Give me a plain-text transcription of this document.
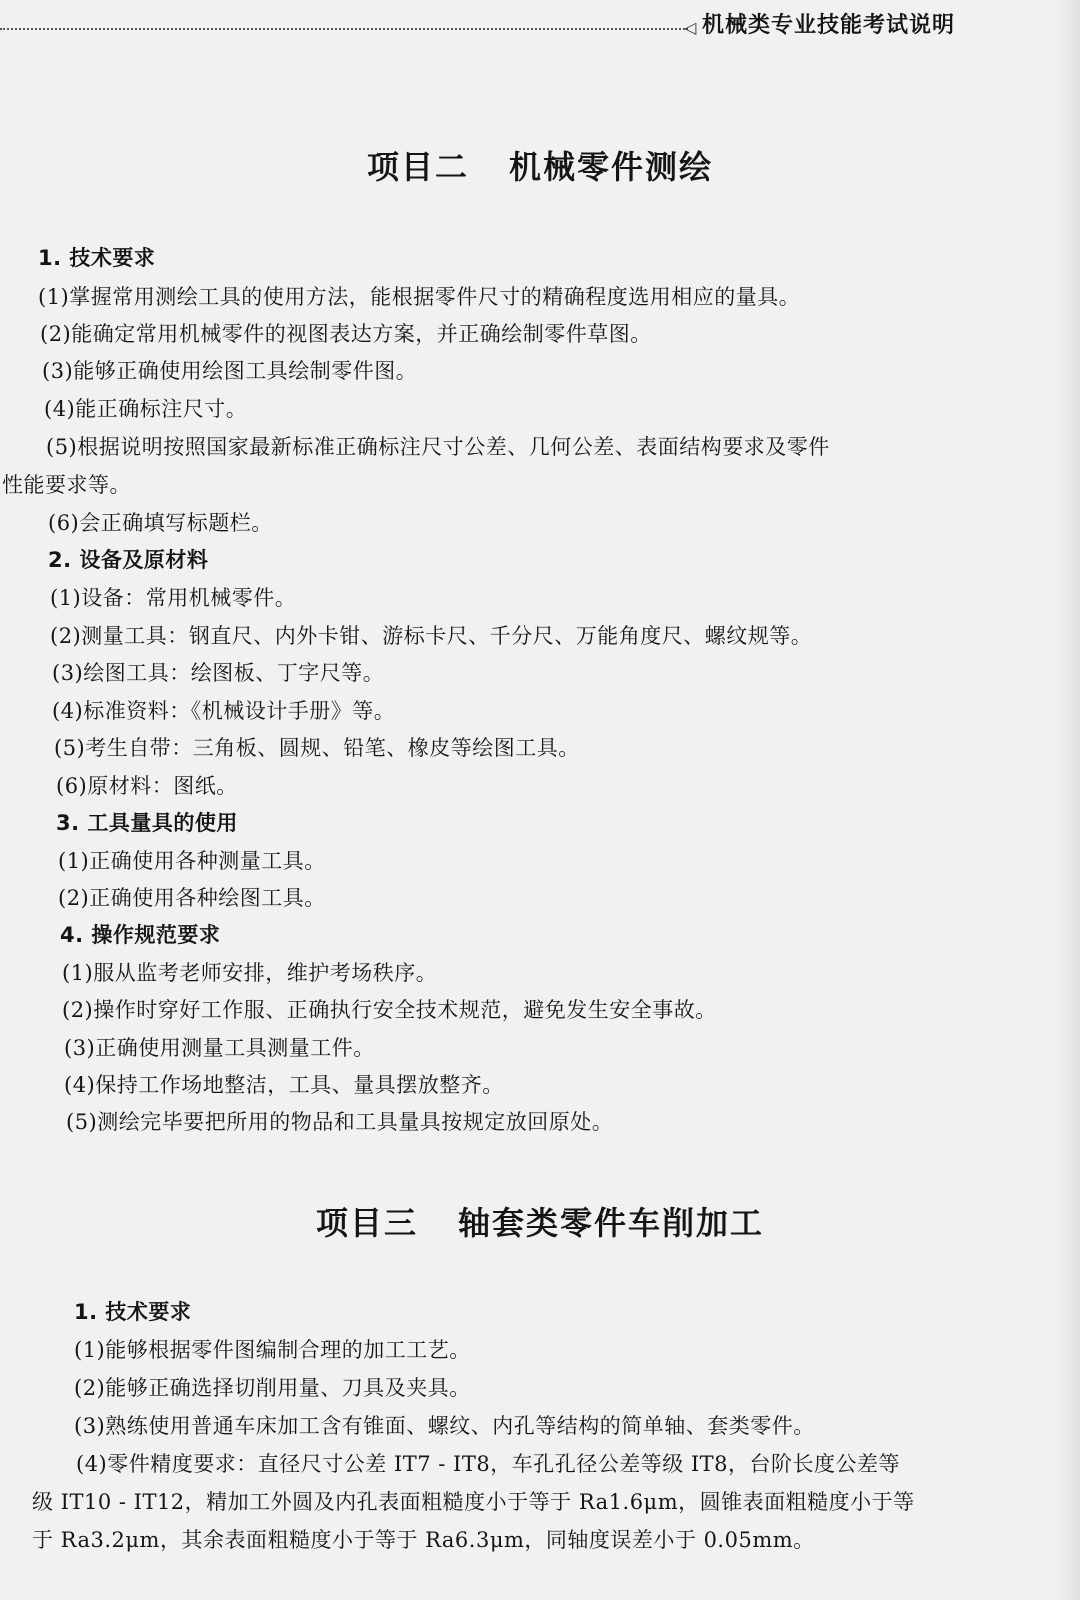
◁ 机械类专业技能考试说明
项目二 机械零件测绘
1. 技术要求
(1)掌握常用测绘工具的使用方法，能根据零件尺寸的精确程度选用相应的量具。
(2)能确定常用机械零件的视图表达方案，并正确绘制零件草图。
(3)能够正确使用绘图工具绘制零件图。
(4)能正确标注尺寸。
(5)根据说明按照国家最新标准正确标注尺寸公差、几何公差、表面结构要求及零件
性能要求等。
(6)会正确填写标题栏。
2. 设备及原材料
(1)设备：常用机械零件。
(2)测量工具：钢直尺、内外卡钳、游标卡尺、千分尺、万能角度尺、螺纹规等。
(3)绘图工具：绘图板、丁字尺等。
(4)标准资料：《机械设计手册》等。
(5)考生自带：三角板、圆规、铅笔、橡皮等绘图工具。
(6)原材料：图纸。
3. 工具量具的使用
(1)正确使用各种测量工具。
(2)正确使用各种绘图工具。
4. 操作规范要求
(1)服从监考老师安排，维护考场秩序。
(2)操作时穿好工作服、正确执行安全技术规范，避免发生安全事故。
(3)正确使用测量工具测量工件。
(4)保持工作场地整洁，工具、量具摆放整齐。
(5)测绘完毕要把所用的物品和工具量具按规定放回原处。
项目三 轴套类零件车削加工
1. 技术要求
(1)能够根据零件图编制合理的加工工艺。
(2)能够正确选择切削用量、刀具及夹具。
(3)熟练使用普通车床加工含有锥面、螺纹、内孔等结构的简单轴、套类零件。
(4)零件精度要求：直径尺寸公差 IT7 - IT8，车孔孔径公差等级 IT8，台阶长度公差等
级 IT10 - IT12，精加工外圆及内孔表面粗糙度小于等于 Ra1.6μm，圆锥表面粗糙度小于等
于 Ra3.2μm，其余表面粗糙度小于等于 Ra6.3μm，同轴度误差小于 0.05mm。
